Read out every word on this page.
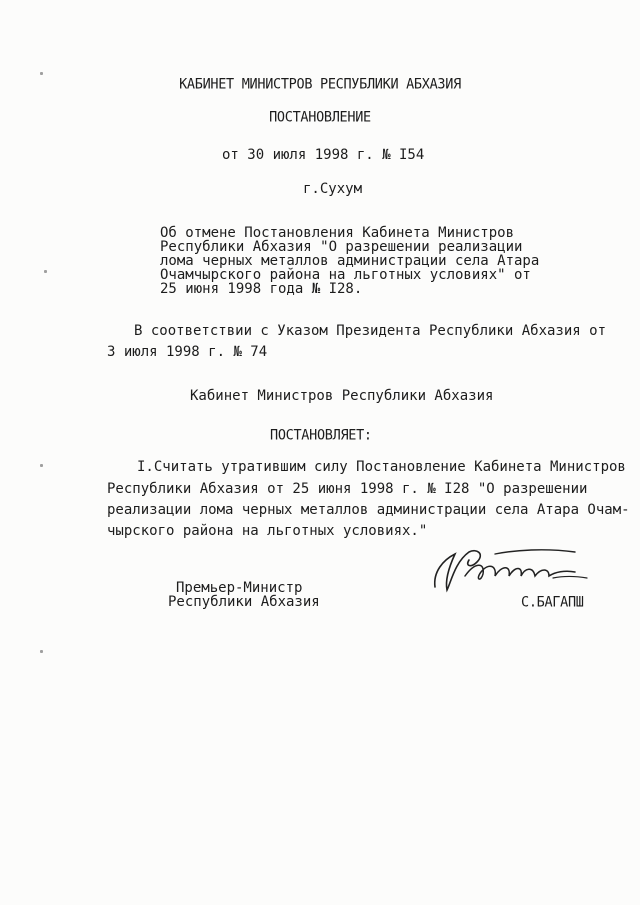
КАБИНЕТ МИНИСТРОВ РЕСПУБЛИКИ АБХАЗИЯ
ПОСТАНОВЛЕНИЕ
от 30 июля 1998 г. № I54
г.Сухум
Об отмене Постановления Кабинета Министров
Республики Абхазия "О разрешении реализации
лома черных металлов администрации села Атара
Очамчырского района на льготных условиях" от
25 июня 1998 года № I28.
В соответствии с Указом Президента Республики Абхазия от
3 июля 1998 г. № 74
Кабинет Министров Республики Абхазия
ПОСТАНОВЛЯЕТ:
I.Считать утратившим силу Постановление Кабинета Министров
Республики Абхазия от 25 июня 1998 г. № I28 "О разрешении
реализации лома черных металлов администрации села Атара Очам-
чырского района на льготных условиях."
Премьер-Министр
Республики Абхазия	С.БАГАПШ
